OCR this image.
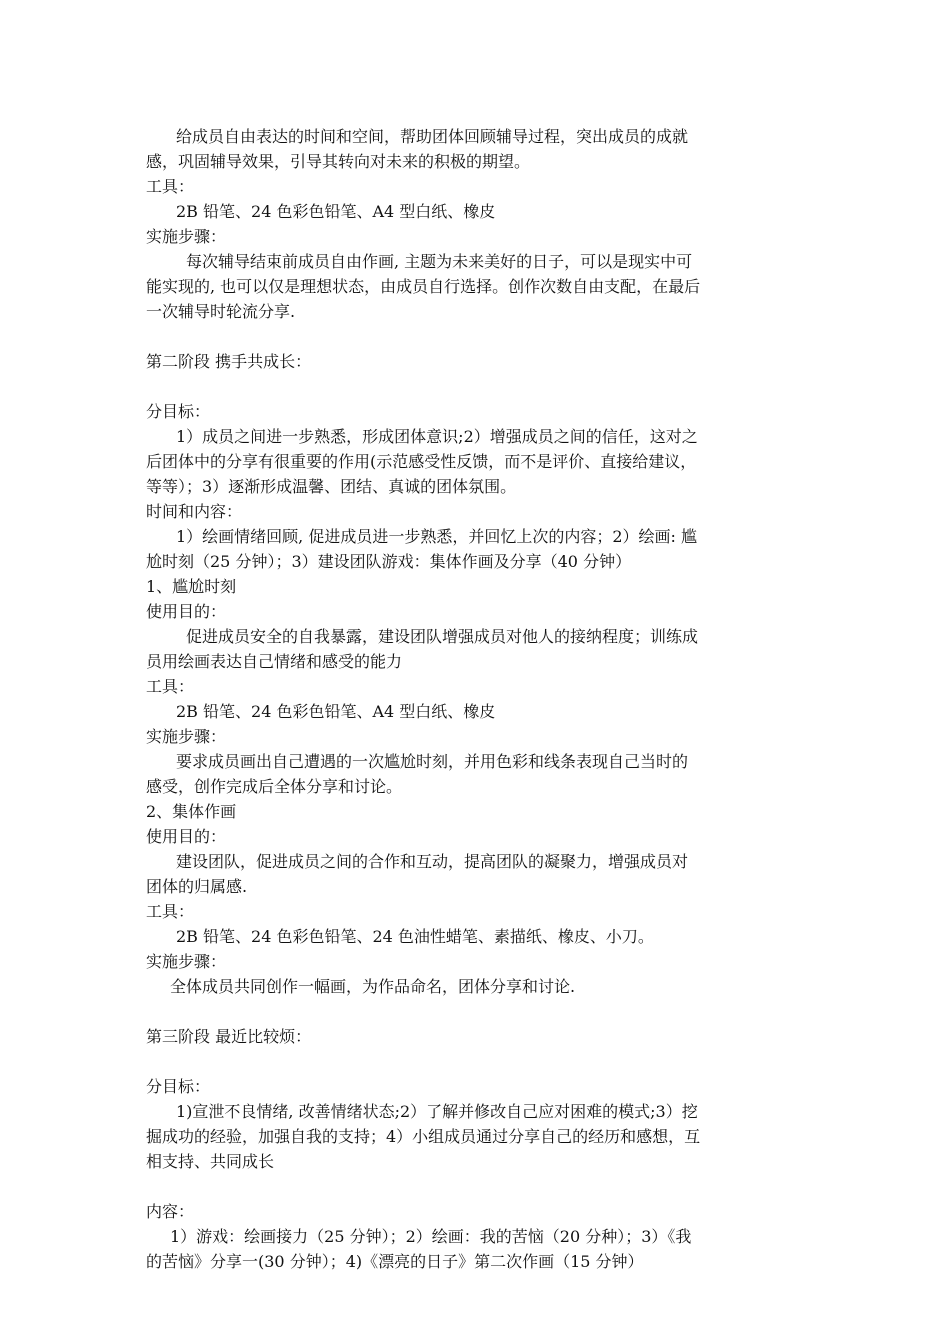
给成员自由表达的时间和空间，帮助团体回顾辅导过程，突出成员的成就
感，巩固辅导效果，引导其转向对未来的积极的期望。
工具：
2B 铅笔、24 色彩色铅笔、A4 型白纸、橡皮
实施步骤：
每次辅导结束前成员自由作画, 主题为未来美好的日子，可以是现实中可
能实现的, 也可以仅是理想状态，由成员自行选择。创作次数自由支配，在最后
一次辅导时轮流分享.
第二阶段 携手共成长：
分目标：
1）成员之间进一步熟悉，形成团体意识;2）增强成员之间的信任，这对之
后团体中的分享有很重要的作用(示范感受性反馈，而不是评价、直接给建议，
等等）；3）逐渐形成温馨、团结、真诚的团体氛围。
时间和内容：
1）绘画情绪回顾, 促进成员进一步熟悉，并回忆上次的内容；2）绘画: 尴
尬时刻（25 分钟）；3）建设团队游戏：集体作画及分享（40 分钟）
1、尴尬时刻
使用目的：
促进成员安全的自我暴露，建设团队增强成员对他人的接纳程度；训练成
员用绘画表达自己情绪和感受的能力
工具：
2B 铅笔、24 色彩色铅笔、A4 型白纸、橡皮
实施步骤：
要求成员画出自己遭遇的一次尴尬时刻，并用色彩和线条表现自己当时的
感受，创作完成后全体分享和讨论。
2、集体作画
使用目的：
建设团队，促进成员之间的合作和互动，提高团队的凝聚力，增强成员对
团体的归属感.
工具：
2B 铅笔、24 色彩色铅笔、24 色油性蜡笔、素描纸、橡皮、小刀。
实施步骤：
全体成员共同创作一幅画，为作品命名，团体分享和讨论.
第三阶段 最近比较烦：
分目标：
1)宣泄不良情绪, 改善情绪状态;2）了解并修改自己应对困难的模式;3）挖
掘成功的经验，加强自我的支持；4）小组成员通过分享自己的经历和感想，互
相支持、共同成长
内容：
1）游戏：绘画接力（25 分钟）；2）绘画：我的苦恼（20 分种）；3）《我
的苦恼》分享一(30 分钟）；4)《漂亮的日子》第二次作画（15 分钟）
